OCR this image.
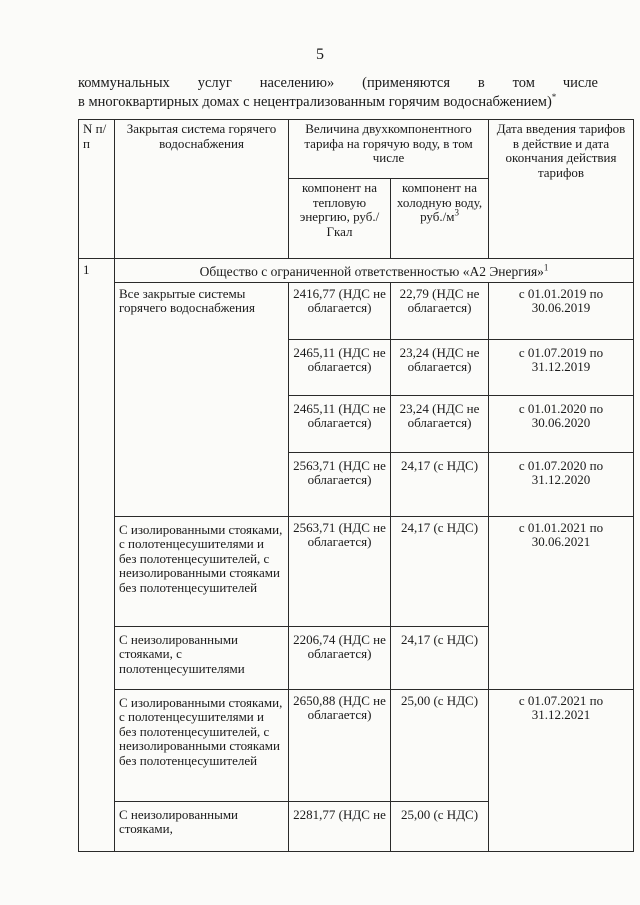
5
коммунальных услуг населению» (применяются в том числе
в многоквартирных домах с нецентрализованным горячим водоснабжением)*
N п/п	Закрытая система горячего водоснабжения	Величина двухкомпонентного тарифа на горячую воду, в том числе		Дата введения тарифов в действие и дата окончания действия тарифов
		компонент на тепловую энергию, руб./Гкал	компонент на холодную воду, $руб./м^3$
1	Общество с ограниченной ответственностью «А2 Энергия»$^1$
	Все закрытые системы горячего водоснабжения	2416,77 (НДС не облагается)	22,79 (НДС не облагается)	с 01.01.2019 по 30.06.2019
		2465,11 (НДС не облагается)	23,24 (НДС не облагается)	с 01.07.2019 по 31.12.2019
		2465,11 (НДС не облагается)	23,24 (НДС не облагается)	с 01.01.2020 по 30.06.2020
		2563,71 (НДС не облагается)	24,17 (с НДС)	с 01.07.2020 по 31.12.2020
	С изолированными стояками, с полотенцесушителями и без полотенцесушителей, с неизолированными стояками без полотенцесушителей	2563,71 (НДС не облагается)	24,17 (с НДС)	с 01.01.2021 по 30.06.2021
	С неизолированными стояками, с полотенцесушителями	2206,74 (НДС не облагается)	24,17 (с НДС)	
	С изолированными стояками, с полотенцесушителями и без полотенцесушителей, с неизолированными стояками без полотенцесушителей	2650,88 (НДС не облагается)	25,00 (с НДС)	с 01.07.2021 по 31.12.2021
	С неизолированными стояками,	2281,77 (НДС не	25,00 (с НДС)	
